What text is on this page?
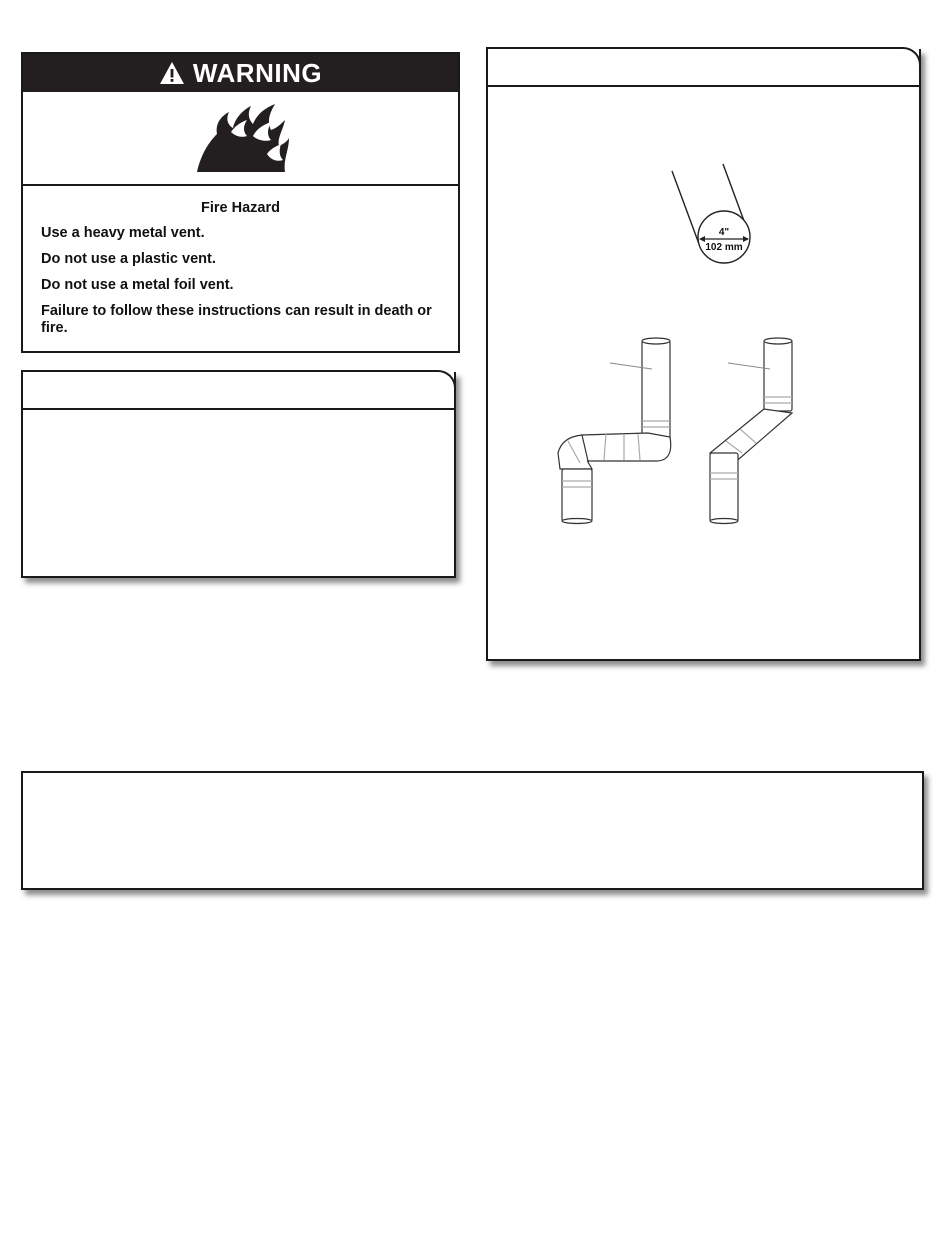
WARNING
Fire Hazard

Use a heavy metal vent.

Do not use a plastic vent.

Do not use a metal foil vent.

Failure to follow these instructions can result in death or fire.

4"
102 mm
